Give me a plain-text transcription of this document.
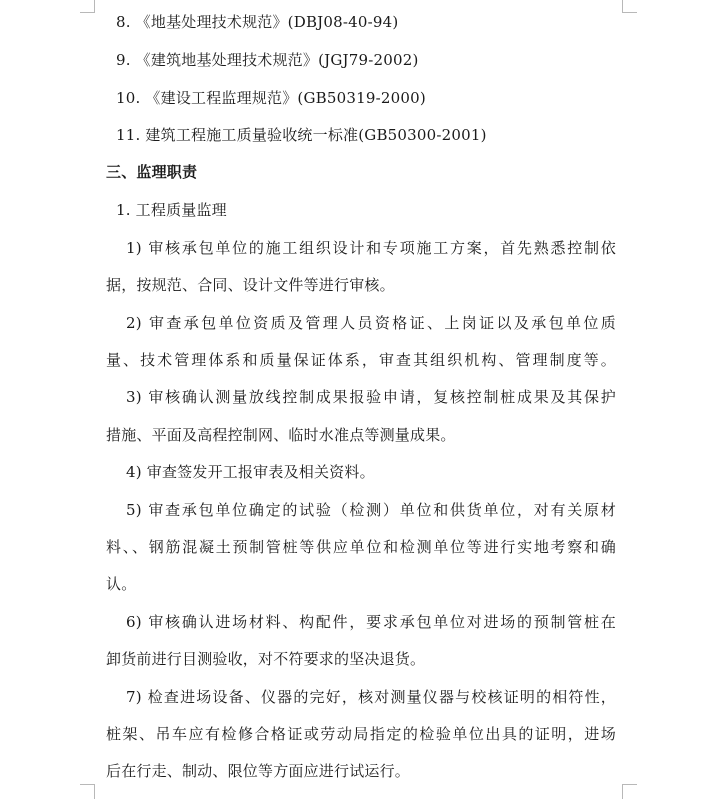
8. 《地基处理技术规范》(DBJ08-40-94)
9. 《建筑地基处理技术规范》(JGJ79-2002)
10. 《建设工程监理规范》(GB50319-2000)
11. 建筑工程施工质量验收统一标准(GB50300-2001)
三、监理职责
1. 工程质量监理
1) 审核承包单位的施工组织设计和专项施工方案，首先熟悉控制依
据，按规范、合同、设计文件等进行审核。
2) 审查承包单位资质及管理人员资格证、上岗证以及承包单位质
量、技术管理体系和质量保证体系，审查其组织机构、管理制度等。
3) 审核确认测量放线控制成果报验申请，复核控制桩成果及其保护
措施、平面及高程控制网、临时水准点等测量成果。
4) 审查签发开工报审表及相关资料。
5) 审查承包单位确定的试验（检测）单位和供货单位，对有关原材
料、、钢筋混凝土预制管桩等供应单位和检测单位等进行实地考察和确
认。
6) 审核确认进场材料、构配件，要求承包单位对进场的预制管桩在
卸货前进行目测验收，对不符要求的坚决退货。
7) 检查进场设备、仪器的完好，核对测量仪器与校核证明的相符性，
桩架、吊车应有检修合格证或劳动局指定的检验单位出具的证明，进场
后在行走、制动、限位等方面应进行试运行。
